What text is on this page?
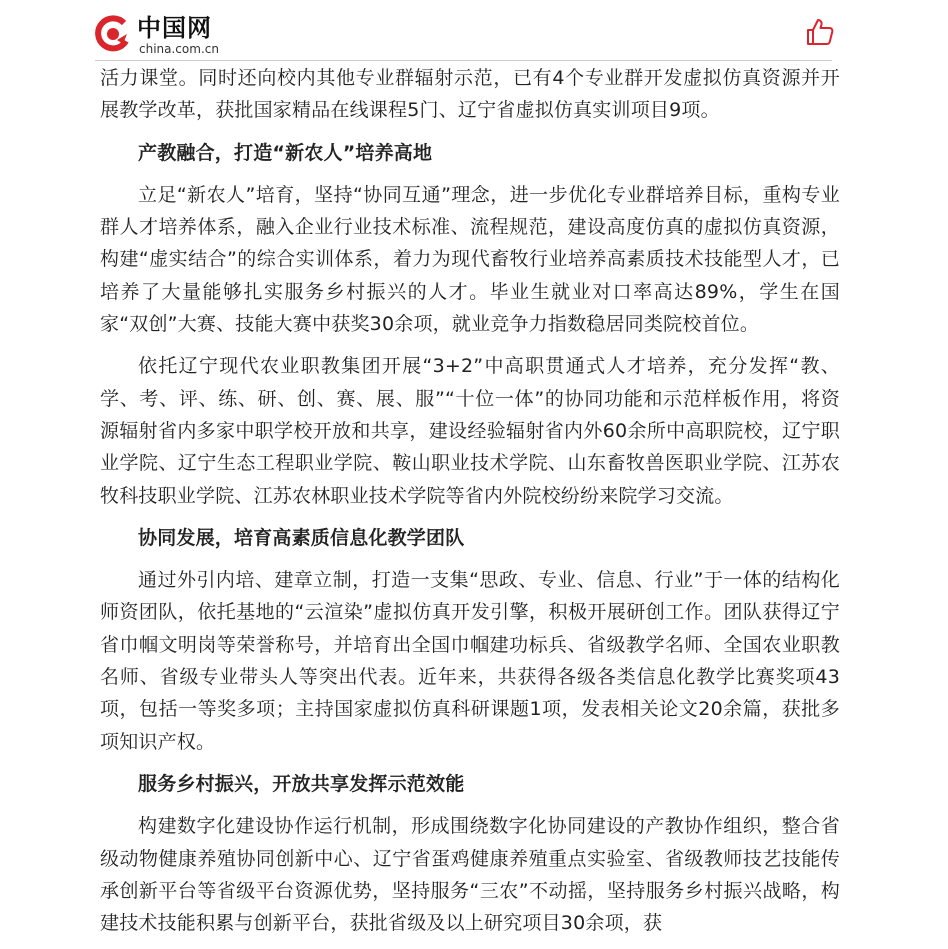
中国网
china.com.cn

活力课堂。同时还向校内其他专业群辐射示范，已有4个专业群开发虚拟仿真资源并开展教学改革，获批国家精品在线课程5门、辽宁省虚拟仿真实训项目9项。

产教融合，打造“新农人”培养高地

立足“新农人”培育，坚持“协同互通”理念，进一步优化专业群培养目标，重构专业群人才培养体系，融入企业行业技术标准、流程规范，建设高度仿真的虚拟仿真资源，构建“虚实结合”的综合实训体系，着力为现代畜牧行业培养高素质技术技能型人才，已培养了大量能够扎实服务乡村振兴的人才。毕业生就业对口率高达89%，学生在国家“双创”大赛、技能大赛中获奖30余项，就业竞争力指数稳居同类院校首位。

依托辽宁现代农业职教集团开展“3+2”中高职贯通式人才培养，充分发挥“教、学、考、评、练、研、创、赛、展、服”“十位一体”的协同功能和示范样板作用，将资源辐射省内多家中职学校开放和共享，建设经验辐射省内外60余所中高职院校，辽宁职业学院、辽宁生态工程职业学院、鞍山职业技术学院、山东畜牧兽医职业学院、江苏农牧科技职业学院、江苏农林职业技术学院等省内外院校纷纷来院学习交流。

协同发展，培育高素质信息化教学团队

通过外引内培、建章立制，打造一支集“思政、专业、信息、行业”于一体的结构化师资团队，依托基地的“云渲染”虚拟仿真开发引擎，积极开展研创工作。团队获得辽宁省巾帼文明岗等荣誉称号，并培育出全国巾帼建功标兵、省级教学名师、全国农业职教名师、省级专业带头人等突出代表。近年来，共获得各级各类信息化教学比赛奖项43项，包括一等奖多项；主持国家虚拟仿真科研课题1项，发表相关论文20余篇，获批多项知识产权。

服务乡村振兴，开放共享发挥示范效能

构建数字化建设协作运行机制，形成围绕数字化协同建设的产教协作组织，整合省级动物健康养殖协同创新中心、辽宁省蛋鸡健康养殖重点实验室、省级教师技艺技能传承创新平台等省级平台资源优势，坚持服务“三农”不动摇，坚持服务乡村振兴战略，构建技术技能积累与创新平台，获批省级及以上研究项目30余项，获
